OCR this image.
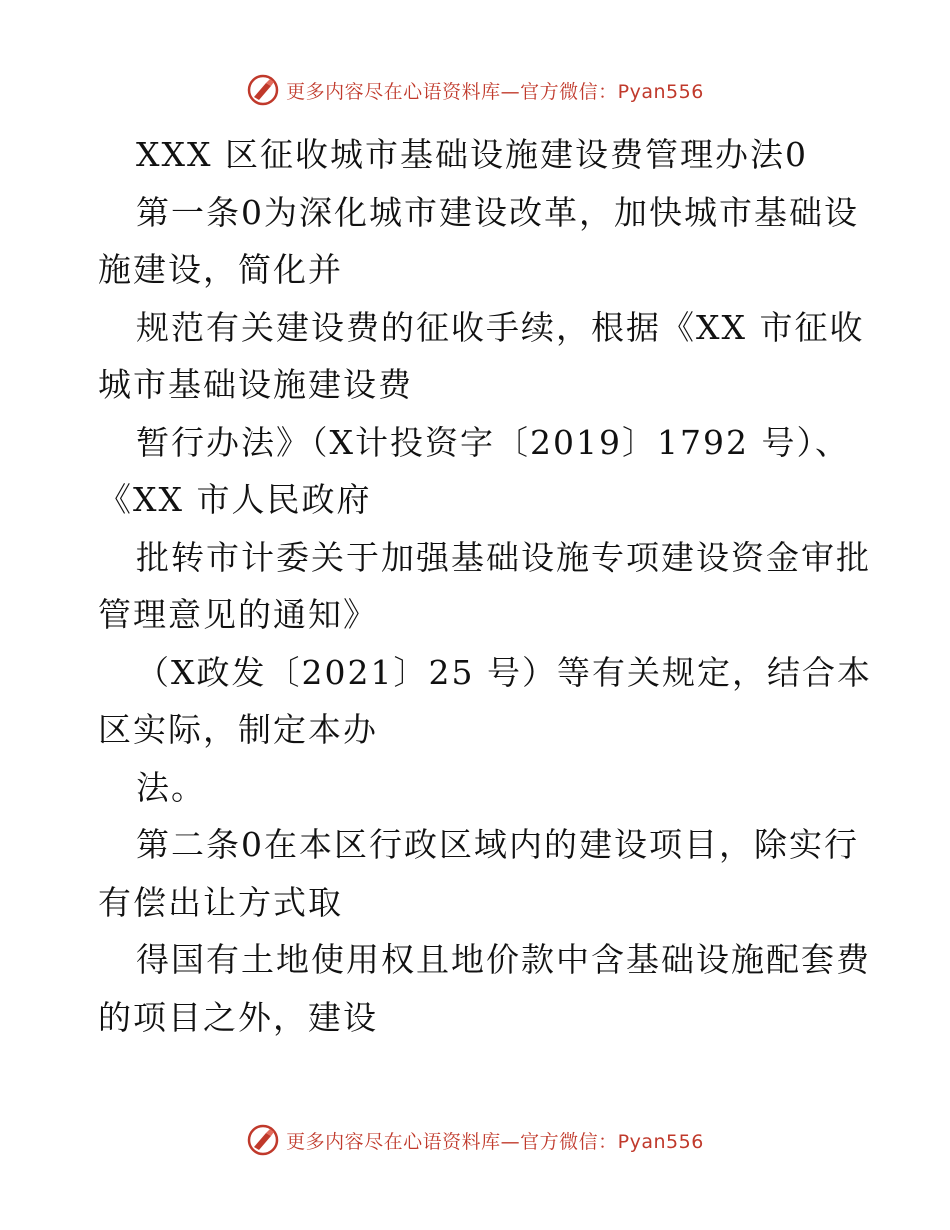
更多内容尽在心语资料库—官方微信：Pyan556
XXX 区征收城市基础设施建设费管理办法0
第一条0为深化城市建设改革，加快城市基础设
施建设，简化并
规范有关建设费的征收手续，根据《XX 市征收
城市基础设施建设费
暂行办法》（X计投资字〔2019〕1792 号）、
《XX 市人民政府
批转市计委关于加强基础设施专项建设资金审批
管理意见的通知》
（X政发〔2021〕25 号）等有关规定，结合本
区实际，制定本办
法。
第二条0在本区行政区域内的建设项目，除实行
有偿出让方式取
得国有土地使用权且地价款中含基础设施配套费
的项目之外，建设
更多内容尽在心语资料库—官方微信：Pyan556
